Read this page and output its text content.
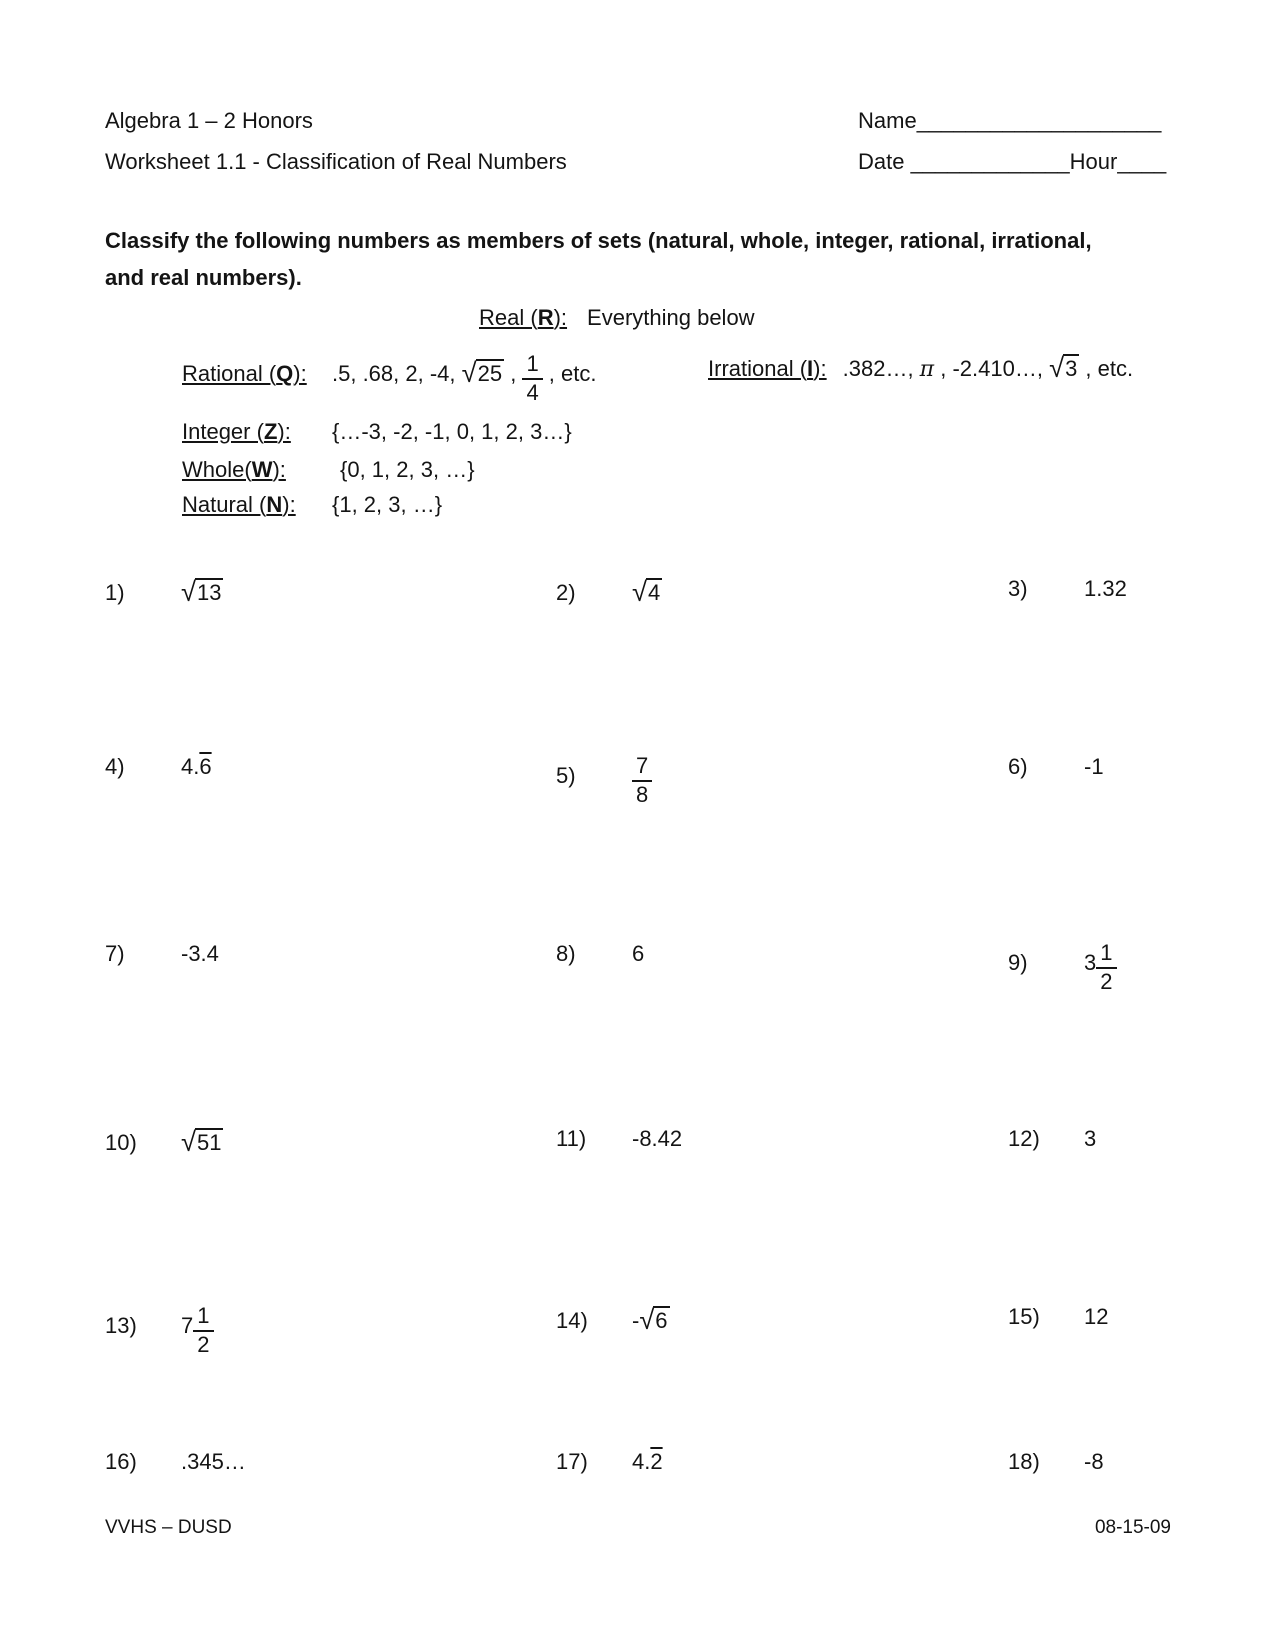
Algebra 1 – 2 Honors
Worksheet 1.1 - Classification of Real Numbers
Name____________________
Date _____________Hour____
Classify the following numbers as members of sets (natural, whole, integer, rational, irrational,
and real numbers).
Real (R): Everything below
Rational (Q): .5, .68, 2, -4, √25 , $\frac{1}{4}$ , etc.	Irrational (I): .382…, π , -2.410…, √3 , etc.
Integer (Z): {…-3, -2, -1, 0, 1, 2, 3…}
Whole(W): {0, 1, 2, 3, …}
Natural (N): {1, 2, 3, …}
1) √13	2) √4	3)	1.32
4)	4.6	5)	$\frac{7}{8}$	6)	-1
7)	-3.4	8)	6	9)	$3 \frac{1}{2}$
10) √51	11) -8.42	12) 3
13) $7 \frac{1}{2}$	14) -√6	15) 12
16) .345…	17) 4.2	18) -8
VVHS – DUSD	08-15-09
